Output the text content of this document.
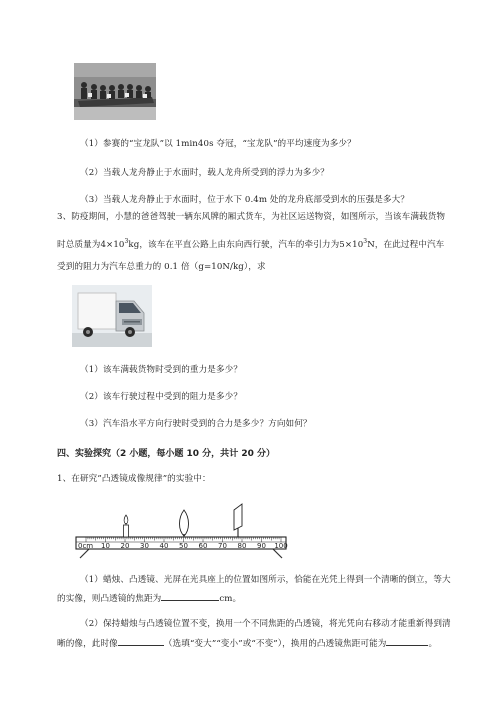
（1）参赛的“宝龙队”以 1min40s 夺冠，“宝龙队”的平均速度为多少？
（2）当载人龙舟静止于水面时，载人龙舟所受到的浮力为多少？
（3）当载人龙舟静止于水面时，位于水下 0.4m 处的龙舟底部受到水的压强是多大？
3、防疫期间，小慧的爸爸驾驶一辆东风牌的厢式货车，为社区运送物资，如图所示，当该车满载货物
时总质量为$4\times 10^3kg$，该车在平直公路上由东向西行驶，汽车的牵引力为$5\times 10^3N$，在此过程中汽车
受到的阻力为汽车总重力的 0.1 倍（g=10N/kg），求
（1）该车满载货物时受到的重力是多少？
（2）该车行驶过程中受到的阻力是多少？
（3）汽车沿水平方向行驶时受到的合力是多少？方向如何？
四、实验探究（2 小题，每小题 10 分，共计 20 分）
1、在研究”凸透镜成像规律”的实验中：
0cm 10 20 30 40 50 60 70 80 90 100
（1）蜡烛、凸透镜、光屏在光具座上的位置如图所示，恰能在光凭上得到一个清晰的倒立，等大
的实像，则凸透镜的焦距为	cm。
（2）保持蜡烛与凸透镜位置不变，换用一个不同焦距的凸透镜，将光凭向右移动才能重新得到清
晰的像，此时像	（选填“变大”“变小”或“不变”），换用的凸透镜焦距可能为	。
